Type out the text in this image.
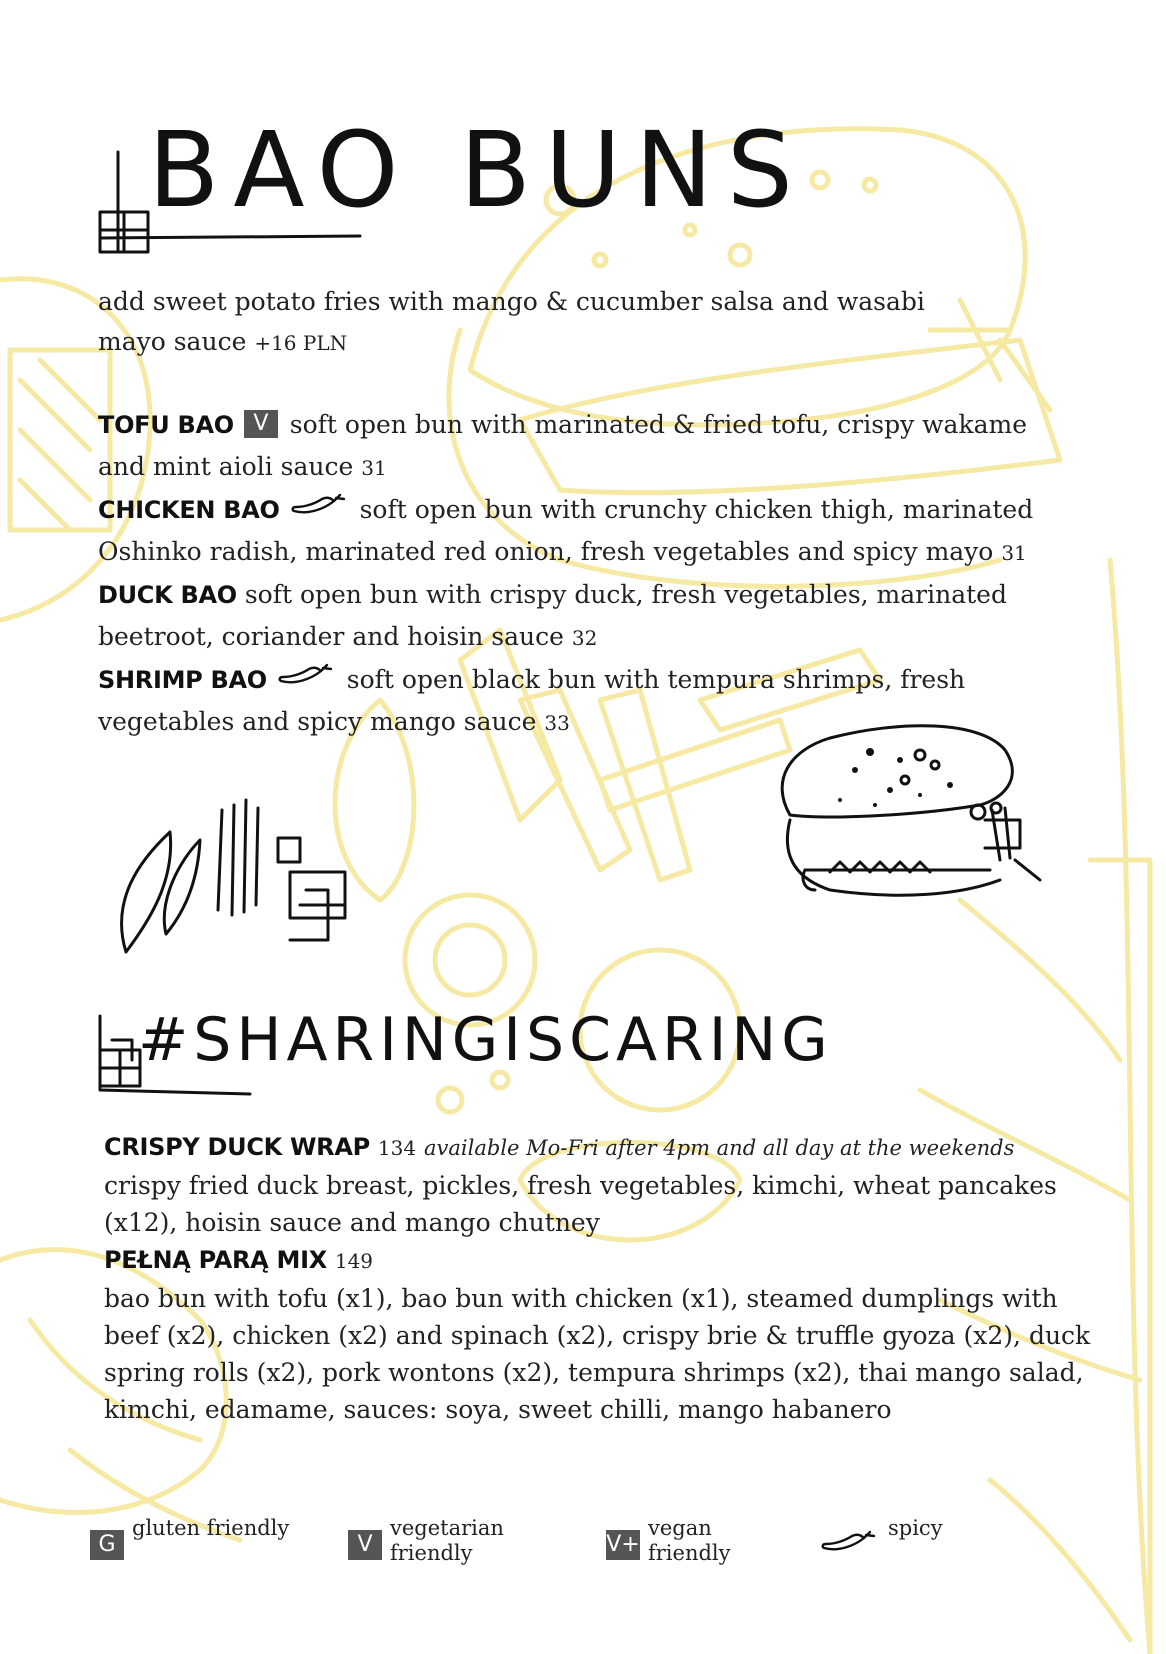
BAO BUNS
add sweet potato fries with mango & cucumber salsa and wasabi mayo sauce +16 PLN

TOFU BAO V soft open bun with marinated & fried tofu, crispy wakame and mint aioli sauce 31

CHICKEN BAO	soft open bun with crunchy chicken thigh, marinated Oshinko radish, marinated red onion, fresh vegetables and spicy mayo 31

DUCK BAO soft open bun with crispy duck, fresh vegetables, marinated beetroot, coriander and hoisin sauce 32

SHRIMP BAO	soft open black bun with tempura shrimps, fresh vegetables and spicy mango sauce 33

#SHARINGISCARING

CRISPY DUCK WRAP 134 available Mo-Fri after 4pm and all day at the weekends
crispy fried duck breast, pickles, fresh vegetables, kimchi, wheat pancakes (x12), hoisin sauce and mango chutney

PEŁNĄ PARĄ MIX 149
bao bun with tofu (x1), bao bun with chicken (x1), steamed dumplings with beef (x2), chicken (x2) and spinach (x2), crispy brie & truffle gyoza (x2), duck spring rolls (x2), pork wontons (x2), tempura shrimps (x2), thai mango salad, kimchi, edamame, sauces: soya, sweet chilli, mango habanero

G
gluten friendly
V
vegetarian
friendly	V+
vegan
friendly
spicy
